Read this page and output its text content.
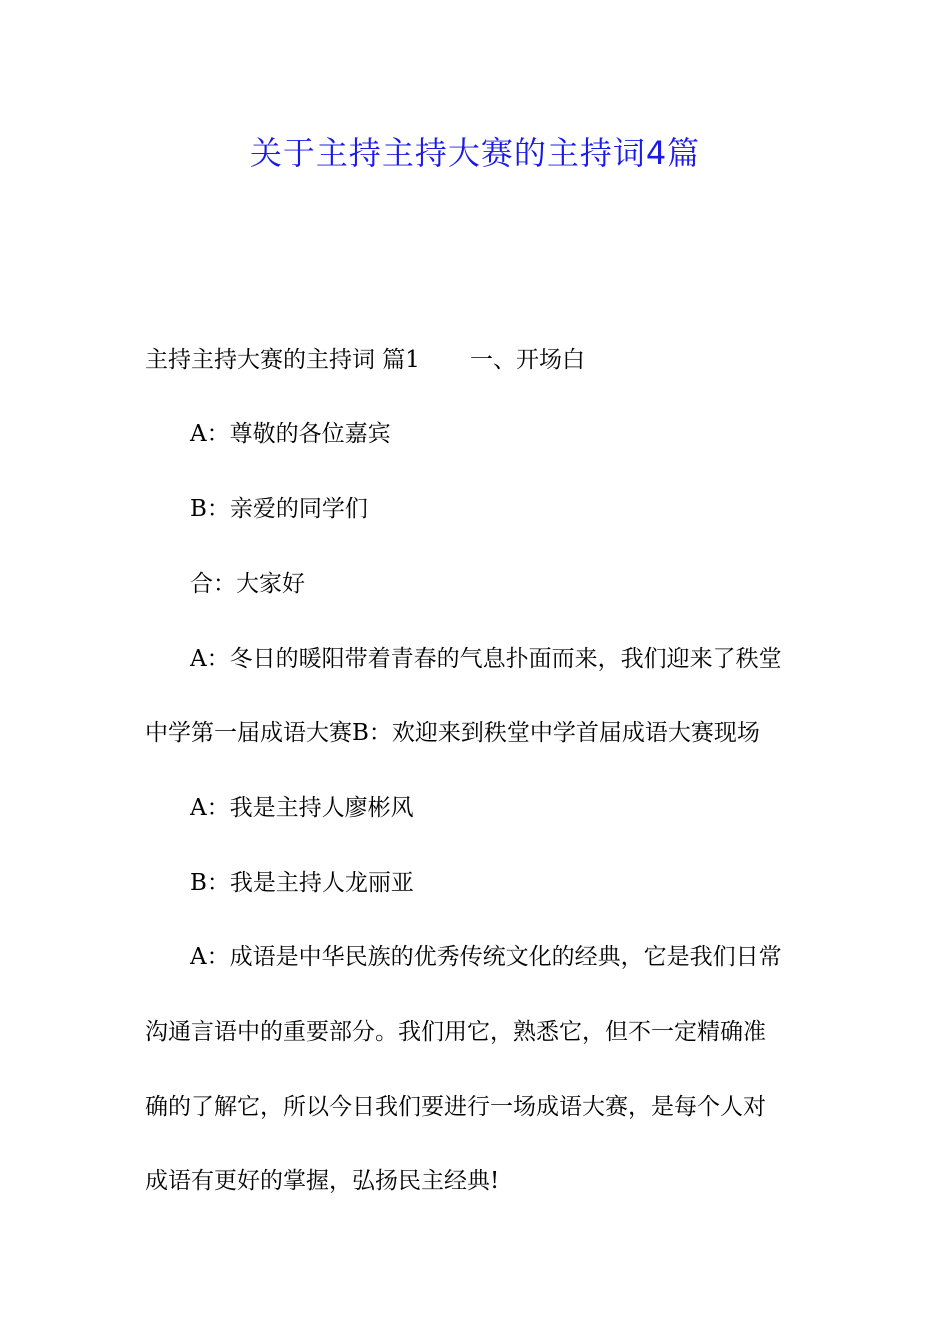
关于主持主持大赛的主持词4篇

主持主持大赛的主持词 篇1 一、开场白

A：尊敬的各位嘉宾

B：亲爱的同学们

合：大家好

A：冬日的暖阳带着青春的气息扑面而来，我们迎来了秩堂

中学第一届成语大赛B：欢迎来到秩堂中学首届成语大赛现场

A：我是主持人廖彬风

B：我是主持人龙丽亚

A：成语是中华民族的优秀传统文化的经典，它是我们日常

沟通言语中的重要部分。我们用它，熟悉它，但不一定精确准

确的了解它，所以今日我们要进行一场成语大赛，是每个人对

成语有更好的掌握，弘扬民主经典!
